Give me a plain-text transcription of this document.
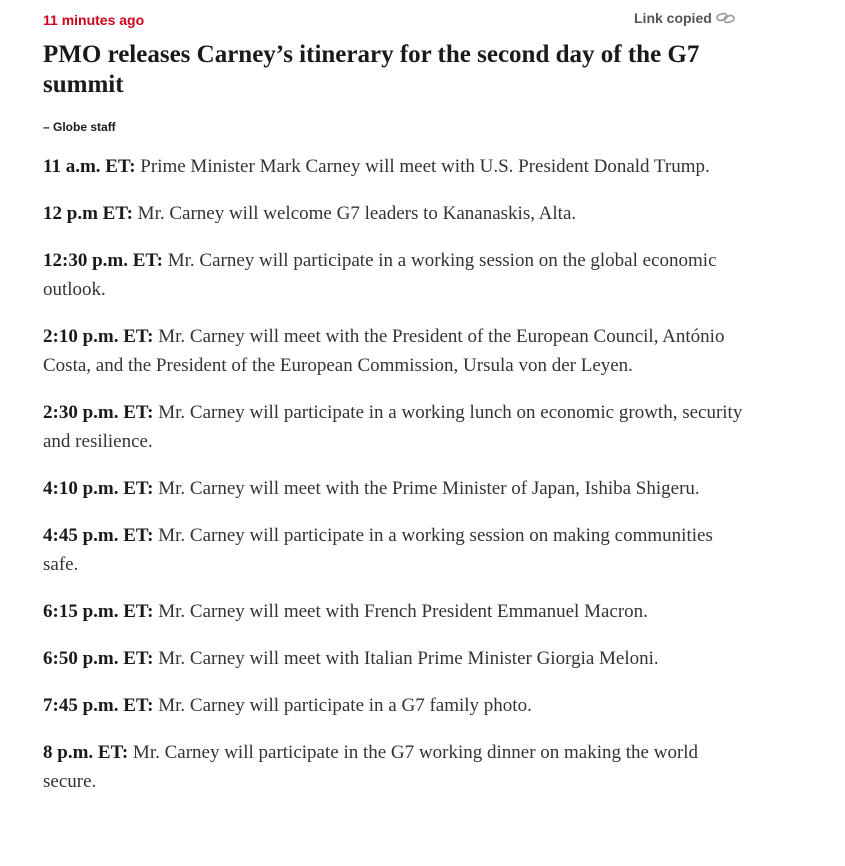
11 minutes ago	Link copied
PMO releases Carney’s itinerary for the second day of the G7 summit
– Globe staff

11 a.m. ET: Prime Minister Mark Carney will meet with U.S. President Donald Trump.

12 p.m ET: Mr. Carney will welcome G7 leaders to Kananaskis, Alta.

12:30 p.m. ET: Mr. Carney will participate in a working session on the global economic outlook.

2:10 p.m. ET: Mr. Carney will meet with the President of the European Council, António Costa, and the President of the European Commission, Ursula von der Leyen.

2:30 p.m. ET: Mr. Carney will participate in a working lunch on economic growth, security and resilience.

4:10 p.m. ET: Mr. Carney will meet with the Prime Minister of Japan, Ishiba Shigeru.

4:45 p.m. ET: Mr. Carney will participate in a working session on making communities safe.

6:15 p.m. ET: Mr. Carney will meet with French President Emmanuel Macron.

6:50 p.m. ET: Mr. Carney will meet with Italian Prime Minister Giorgia Meloni.

7:45 p.m. ET: Mr. Carney will participate in a G7 family photo.

8 p.m. ET: Mr. Carney will participate in the G7 working dinner on making the world secure.
